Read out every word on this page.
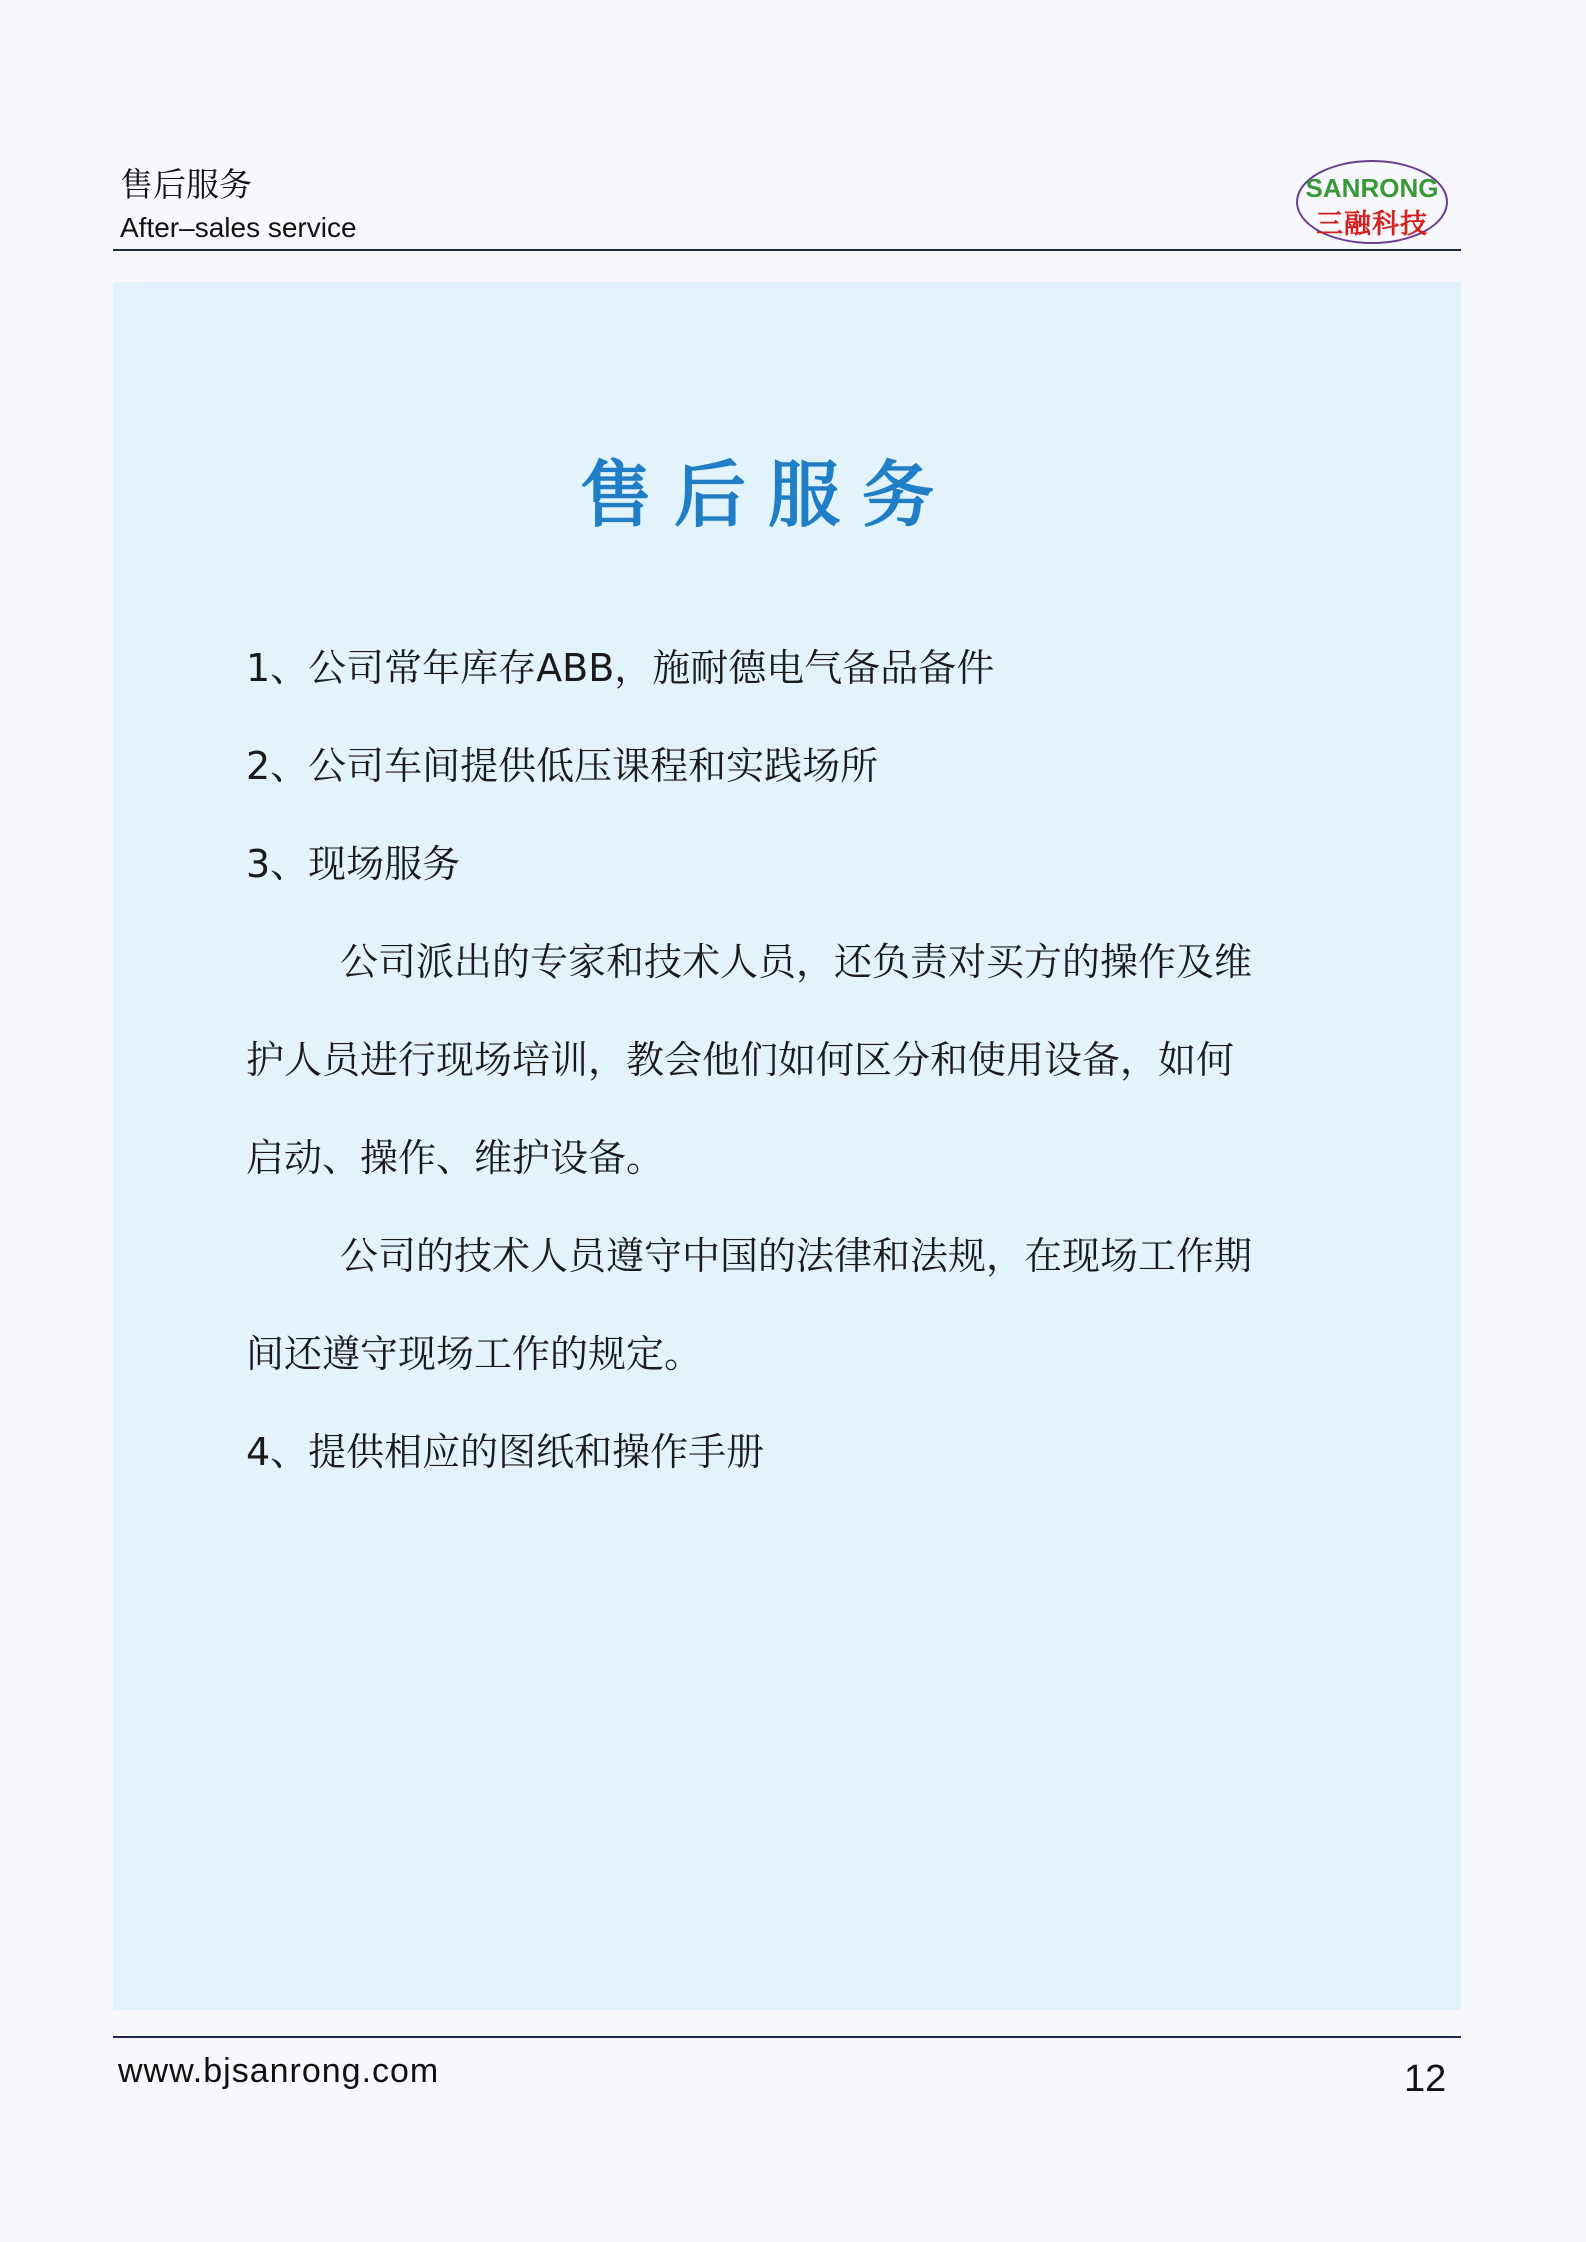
售后服务
After–sales service
SANRONG
三融科技
售后服务
1、公司常年库存ABB，施耐德电气备品备件
2、公司车间提供低压课程和实践场所
3、现场服务
公司派出的专家和技术人员，还负责对买方的操作及维
护人员进行现场培训，教会他们如何区分和使用设备，如何
启动、操作、维护设备。
公司的技术人员遵守中国的法律和法规，在现场工作期
间还遵守现场工作的规定。
4、提供相应的图纸和操作手册
www.bjsanrong.com	12
